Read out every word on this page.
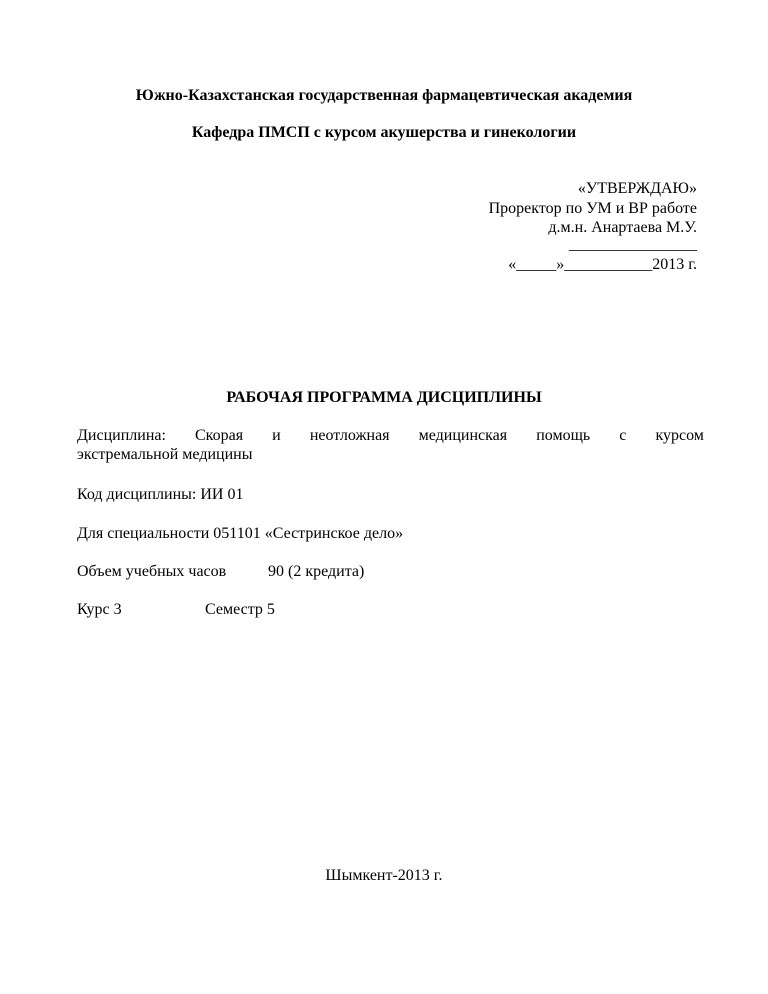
Южно-Казахстанская государственная фармацевтическая академия
Кафедра ПМСП с курсом акушерства и гинекологии
«УТВЕРЖДАЮ»
Проректор по УМ и ВР работе
д.м.н. Анартаева М.У.
________________
«_____»___________2013 г.
РАБОЧАЯ ПРОГРАММА ДИСЦИПЛИНЫ
Дисциплина: Скорая и неотложная медицинская помощь с курсом
экстремальной медицины
Код дисциплины: ИИ 01
Для специальности 051101 «Сестринское дело»
Объем учебных часов	90 (2 кредита)
Курс 3	Семестр 5
Шымкент-2013 г.
